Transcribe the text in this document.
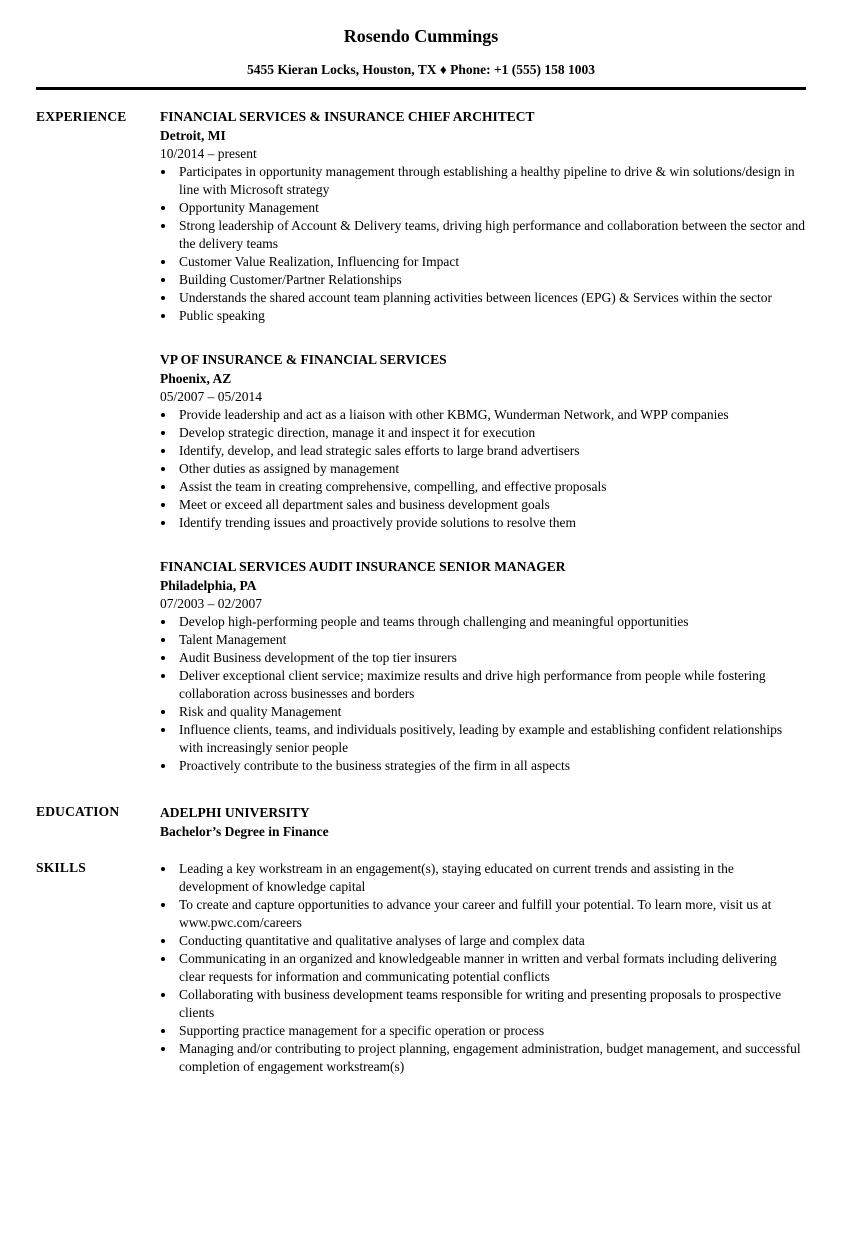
Rosendo Cummings
5455 Kieran Locks, Houston, TX ♦ Phone: +1 (555) 158 1003
EXPERIENCE	FINANCIAL SERVICES & INSURANCE CHIEF ARCHITECT
Detroit, MI
10/2014 – present
• Participates in opportunity management through establishing a healthy pipeline to drive & win solutions/design in line with Microsoft strategy
• Opportunity Management
• Strong leadership of Account & Delivery teams, driving high performance and collaboration between the sector and the delivery teams
• Customer Value Realization, Influencing for Impact
• Building Customer/Partner Relationships
• Understands the shared account team planning activities between licences (EPG) & Services within the sector
• Public speaking
VP OF INSURANCE & FINANCIAL SERVICES
Phoenix, AZ
05/2007 – 05/2014
• Provide leadership and act as a liaison with other KBMG, Wunderman Network, and WPP companies
• Develop strategic direction, manage it and inspect it for execution
• Identify, develop, and lead strategic sales efforts to large brand advertisers
• Other duties as assigned by management
• Assist the team in creating comprehensive, compelling, and effective proposals
• Meet or exceed all department sales and business development goals
• Identify trending issues and proactively provide solutions to resolve them
FINANCIAL SERVICES AUDIT INSURANCE SENIOR MANAGER
Philadelphia, PA
07/2003 – 02/2007
• Develop high-performing people and teams through challenging and meaningful opportunities
• Talent Management
• Audit Business development of the top tier insurers
• Deliver exceptional client service; maximize results and drive high performance from people while fostering collaboration across businesses and borders
• Risk and quality Management
• Influence clients, teams, and individuals positively, leading by example and establishing confident relationships with increasingly senior people
• Proactively contribute to the business strategies of the firm in all aspects
EDUCATION	ADELPHI UNIVERSITY
Bachelor’s Degree in Finance
SKILLS	• Leading a key workstream in an engagement(s), staying educated on current trends and assisting in the development of knowledge capital
• To create and capture opportunities to advance your career and fulfill your potential. To learn more, visit us at www.pwc.com/careers
• Conducting quantitative and qualitative analyses of large and complex data
• Communicating in an organized and knowledgeable manner in written and verbal formats including delivering clear requests for information and communicating potential conflicts
• Collaborating with business development teams responsible for writing and presenting proposals to prospective clients
• Supporting practice management for a specific operation or process
• Managing and/or contributing to project planning, engagement administration, budget management, and successful completion of engagement workstream(s)
